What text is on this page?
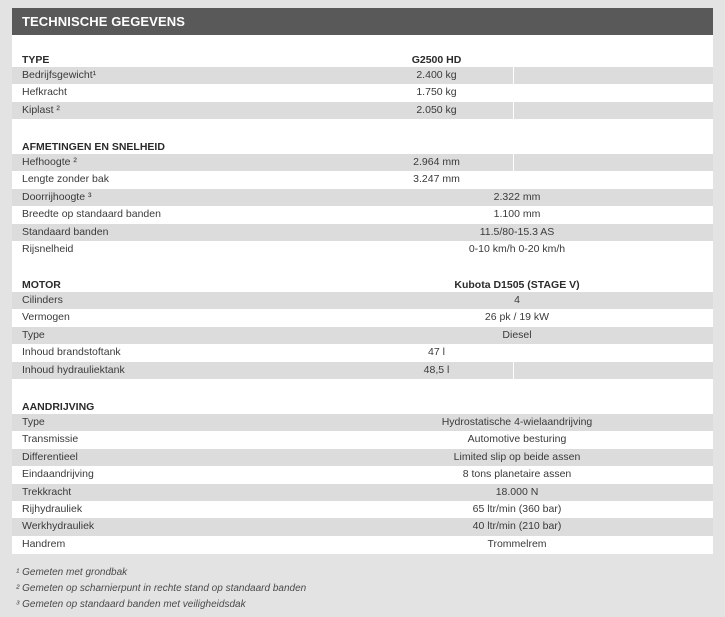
TECHNISCHE GEGEVENS
TYPE	G2500 HD
Bedrijfsgewicht¹	2.400 kg
Hefkracht	1.750 kg
Kiplast ²	2.050 kg
AFMETINGEN EN SNELHEID
Hefhoogte ²	2.964 mm
Lengte zonder bak	3.247 mm
Doorrijhoogte ³	2.322 mm
Breedte op standaard banden	1.100 mm
Standaard banden	11.5/80-15.3 AS
Rijsnelheid	0-10 km/h 0-20 km/h
MOTOR	Kubota D1505 (STAGE V)
Cilinders	4
Vermogen	26 pk / 19 kW
Type	Diesel
Inhoud brandstoftank	47 l
Inhoud hydrauliektank	48,5 l
AANDRIJVING
Type	Hydrostatische 4-wielaandrijving
Transmissie	Automotive besturing
Differentieel	Limited slip op beide assen
Eindaandrijving	8 tons planetaire assen
Trekkracht	18.000 N
Rijhydrauliek	65 ltr/min (360 bar)
Werkhydrauliek	40 ltr/min (210 bar)
Handrem	Trommelrem
¹ Gemeten met grondbak
² Gemeten op scharnierpunt in rechte stand op standaard banden
³ Gemeten op standaard banden met veiligheidsdak
